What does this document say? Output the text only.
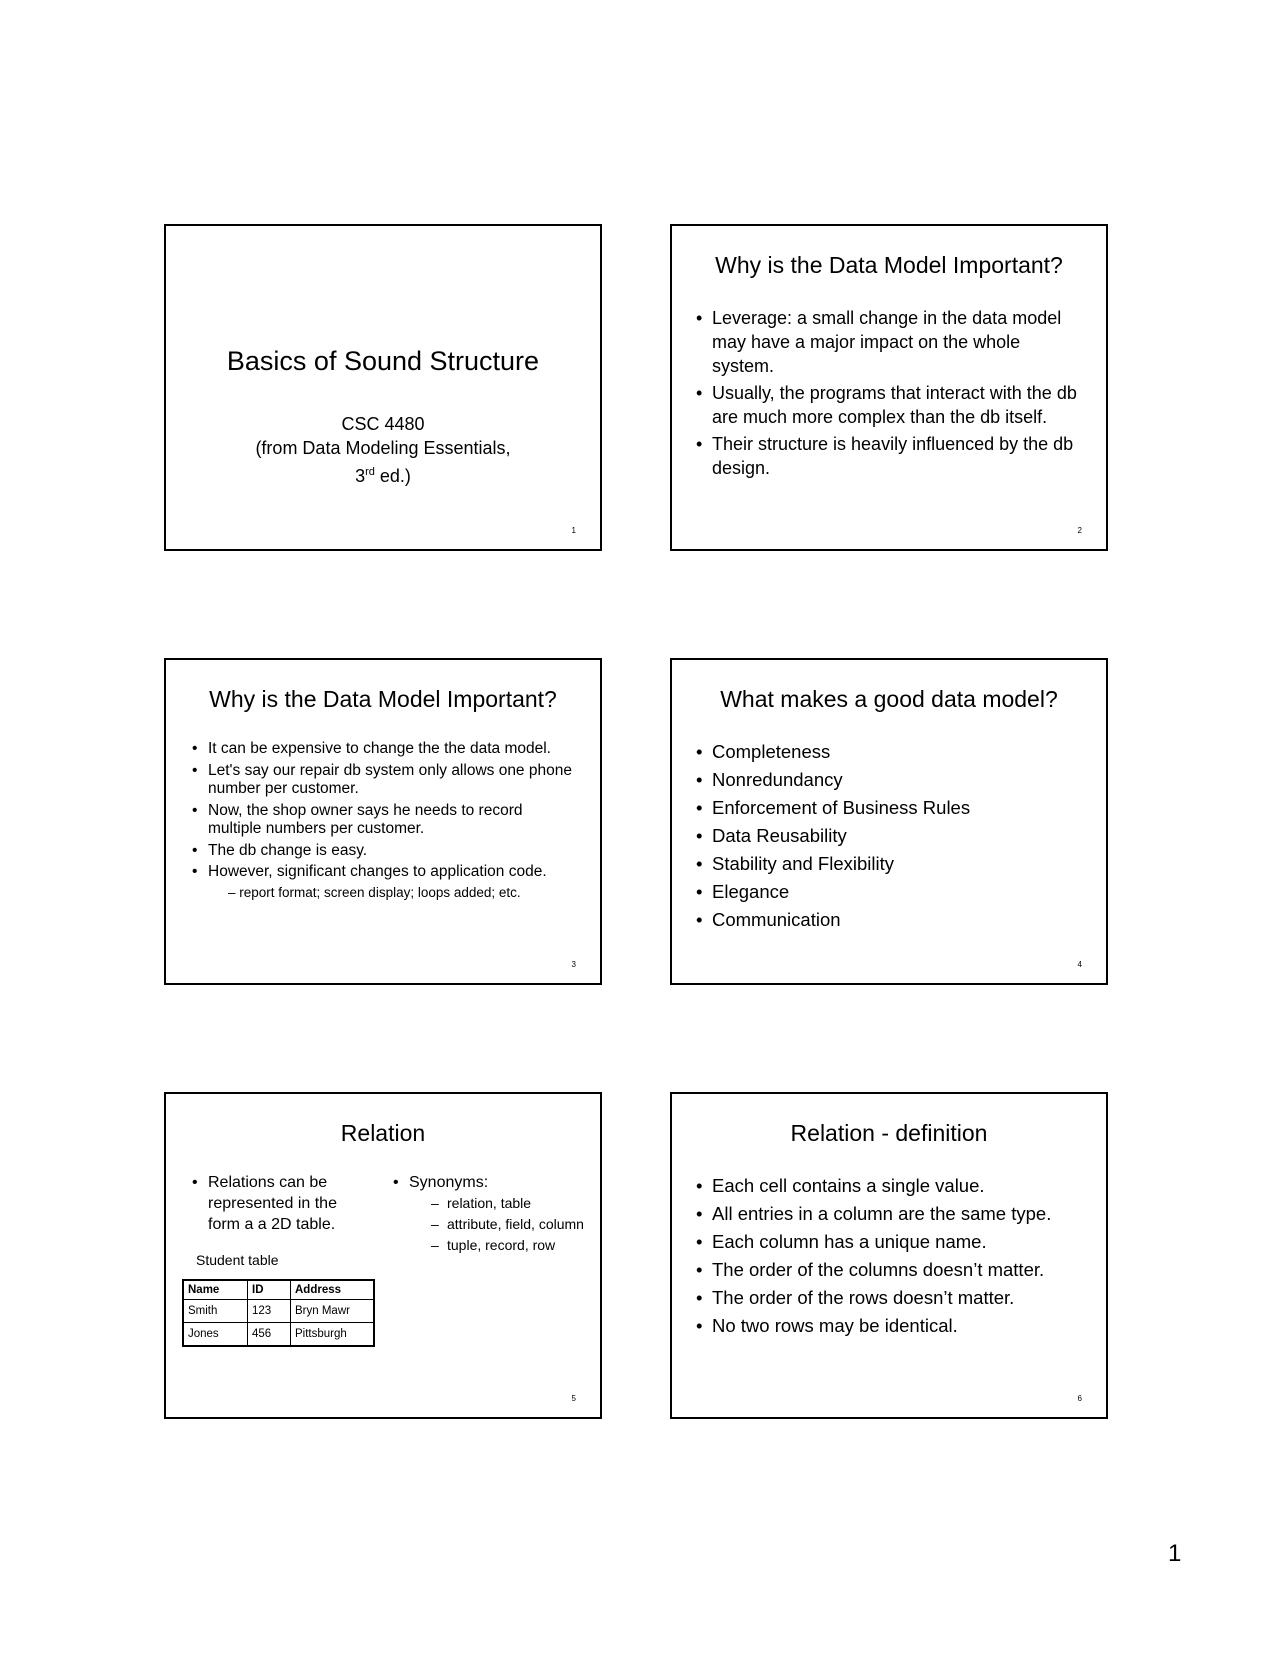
Basics of Sound Structure
CSC 4480
(from Data Modeling Essentials,
3rd ed.)
1
Why is the Data Model Important?
• Leverage: a small change in the data model may have a major impact on the whole system.
• Usually, the programs that interact with the db are much more complex than the db itself.
• Their structure is heavily influenced by the db design.
2
Why is the Data Model Important?
• It can be expensive to change the the data model.
• Let's say our repair db system only allows one phone number per customer.
• Now, the shop owner says he needs to record multiple numbers per customer.
• The db change is easy.
• However, significant changes to application code.
– report format; screen display; loops added; etc.
3
What makes a good data model?
• Completeness
• Nonredundancy
• Enforcement of Business Rules
• Data Reusability
• Stability and Flexibility
• Elegance
• Communication
4
Relation
• Relations can be represented in the form a a 2D table.
Student table
Name	ID	Address
Smith	123	Bryn Mawr
Jones	456	Pittsburgh
• Synonyms:
– relation, table
– attribute, field, column
– tuple, record, row
5
Relation - definition
• Each cell contains a single value.
• All entries in a column are the same type.
• Each column has a unique name.
• The order of the columns doesn’t matter.
• The order of the rows doesn’t matter.
• No two rows may be identical.
6
1
